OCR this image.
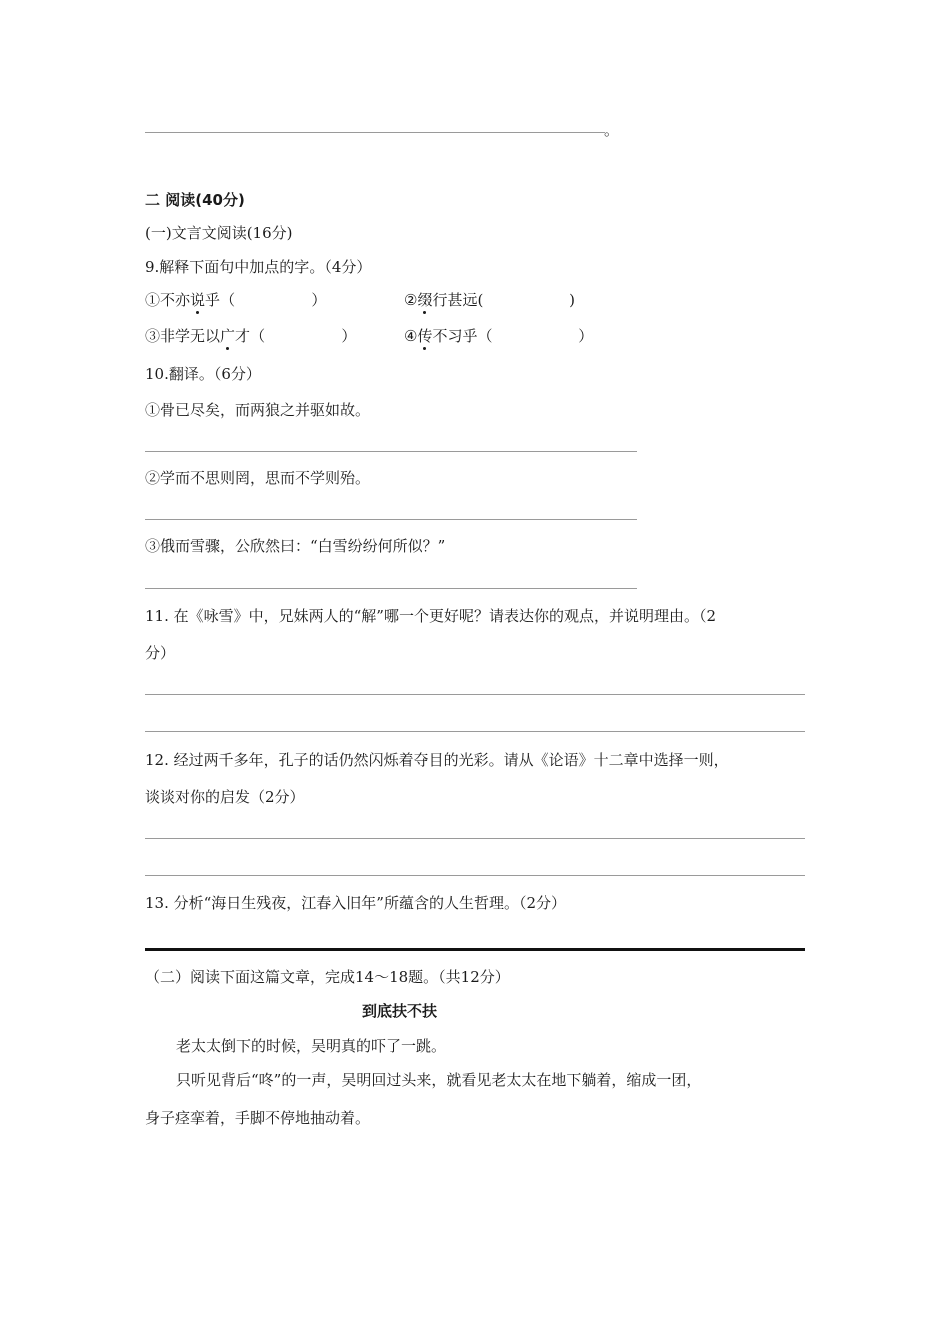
。
二 阅读(40分)
(一)文言文阅读(16分)
9.解释下面句中加点的字。（4分）
①不亦说乎（                ）	②缀行甚远(                  )
③非学无以广才（                ）	④传不习乎（                  ）
10.翻译。（6分）
①骨已尽矣，而两狼之并驱如故。
②学而不思则罔，思而不学则殆。
③俄而雪骤，公欣然曰：“白雪纷纷何所似？”
11. 在《咏雪》中，兄妹两人的“解”哪一个更好呢？请表达你的观点，并说明理由。（2
分）
12. 经过两千多年，孔子的话仍然闪烁着夺目的光彩。请从《论语》十二章中选择一则，
谈谈对你的启发（2分）
13. 分析“海日生残夜，江春入旧年”所蕴含的人生哲理。（2分）
（二）阅读下面这篇文章，完成14～18题。（共12分）
到底扶不扶
老太太倒下的时候，吴明真的吓了一跳。
只听见背后“咚”的一声，吴明回过头来，就看见老太太在地下躺着，缩成一团，
身子痉挛着，手脚不停地抽动着。
